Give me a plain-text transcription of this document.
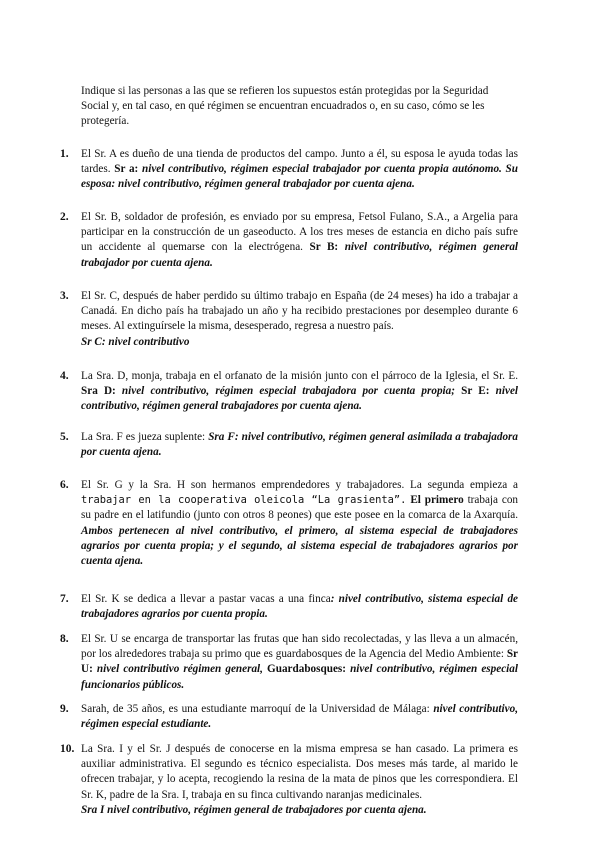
Indique si las personas a las que se refieren los supuestos están protegidas por la Seguridad Social y, en tal caso, en qué régimen se encuentran encuadrados o, en su caso, cómo se les protegería.

1. El Sr. A es dueño de una tienda de productos del campo. Junto a él, su esposa le ayuda todas las tardes. Sr a: nivel contributivo, régimen especial trabajador por cuenta propia autónomo. Su esposa: nivel contributivo, régimen general trabajador por cuenta ajena.
2. El Sr. B, soldador de profesión, es enviado por su empresa, Fetsol Fulano, S.A., a Argelia para participar en la construcción de un gaseoducto. A los tres meses de estancia en dicho país sufre un accidente al quemarse con la electrógena. Sr B: nivel contributivo, régimen general trabajador por cuenta ajena.
3. El Sr. C, después de haber perdido su último trabajo en España (de 24 meses) ha ido a trabajar a Canadá. En dicho país ha trabajado un año y ha recibido prestaciones por desempleo durante 6 meses. Al extinguírsele la misma, desesperado, regresa a nuestro país.
Sr C: nivel contributivo
4. La Sra. D, monja, trabaja en el orfanato de la misión junto con el párroco de la Iglesia, el Sr. E. Sra D: nivel contributivo, régimen especial trabajadora por cuenta propia; Sr E: nivel contributivo, régimen general trabajadores por cuenta ajena.
5. La Sra. F es jueza suplente: Sra F: nivel contributivo, régimen general asimilada a trabajadora por cuenta ajena.
6. El Sr. G y la Sra. H son hermanos emprendedores y trabajadores. La segunda empieza a trabajar en la cooperativa oleicola “La grasienta”. El primero trabaja con su padre en el latifundio (junto con otros 8 peones) que este posee en la comarca de la Axarquía. Ambos pertenecen al nivel contributivo, el primero, al sistema especial de trabajadores agrarios por cuenta propia; y el segundo, al sistema especial de trabajadores agrarios por cuenta ajena.
7. El Sr. K se dedica a llevar a pastar vacas a una finca: nivel contributivo, sistema especial de trabajadores agrarios por cuenta propia.
8. El Sr. U se encarga de transportar las frutas que han sido recolectadas, y las lleva a un almacén, por los alrededores trabaja su primo que es guardabosques de la Agencia del Medio Ambiente: Sr U: nivel contributivo régimen general, Guardabosques: nivel contributivo, régimen especial funcionarios públicos.
9. Sarah, de 35 años, es una estudiante marroquí de la Universidad de Málaga: nivel contributivo, régimen especial estudiante.
10. La Sra. I y el Sr. J después de conocerse en la misma empresa se han casado. La primera es auxiliar administrativa. El segundo es técnico especialista. Dos meses más tarde, al marido le ofrecen trabajar, y lo acepta, recogiendo la resina de la mata de pinos que les correspondiera. El Sr. K, padre de la Sra. I, trabaja en su finca cultivando naranjas medicinales.
Sra I nivel contributivo, régimen general de trabajadores por cuenta ajena.
